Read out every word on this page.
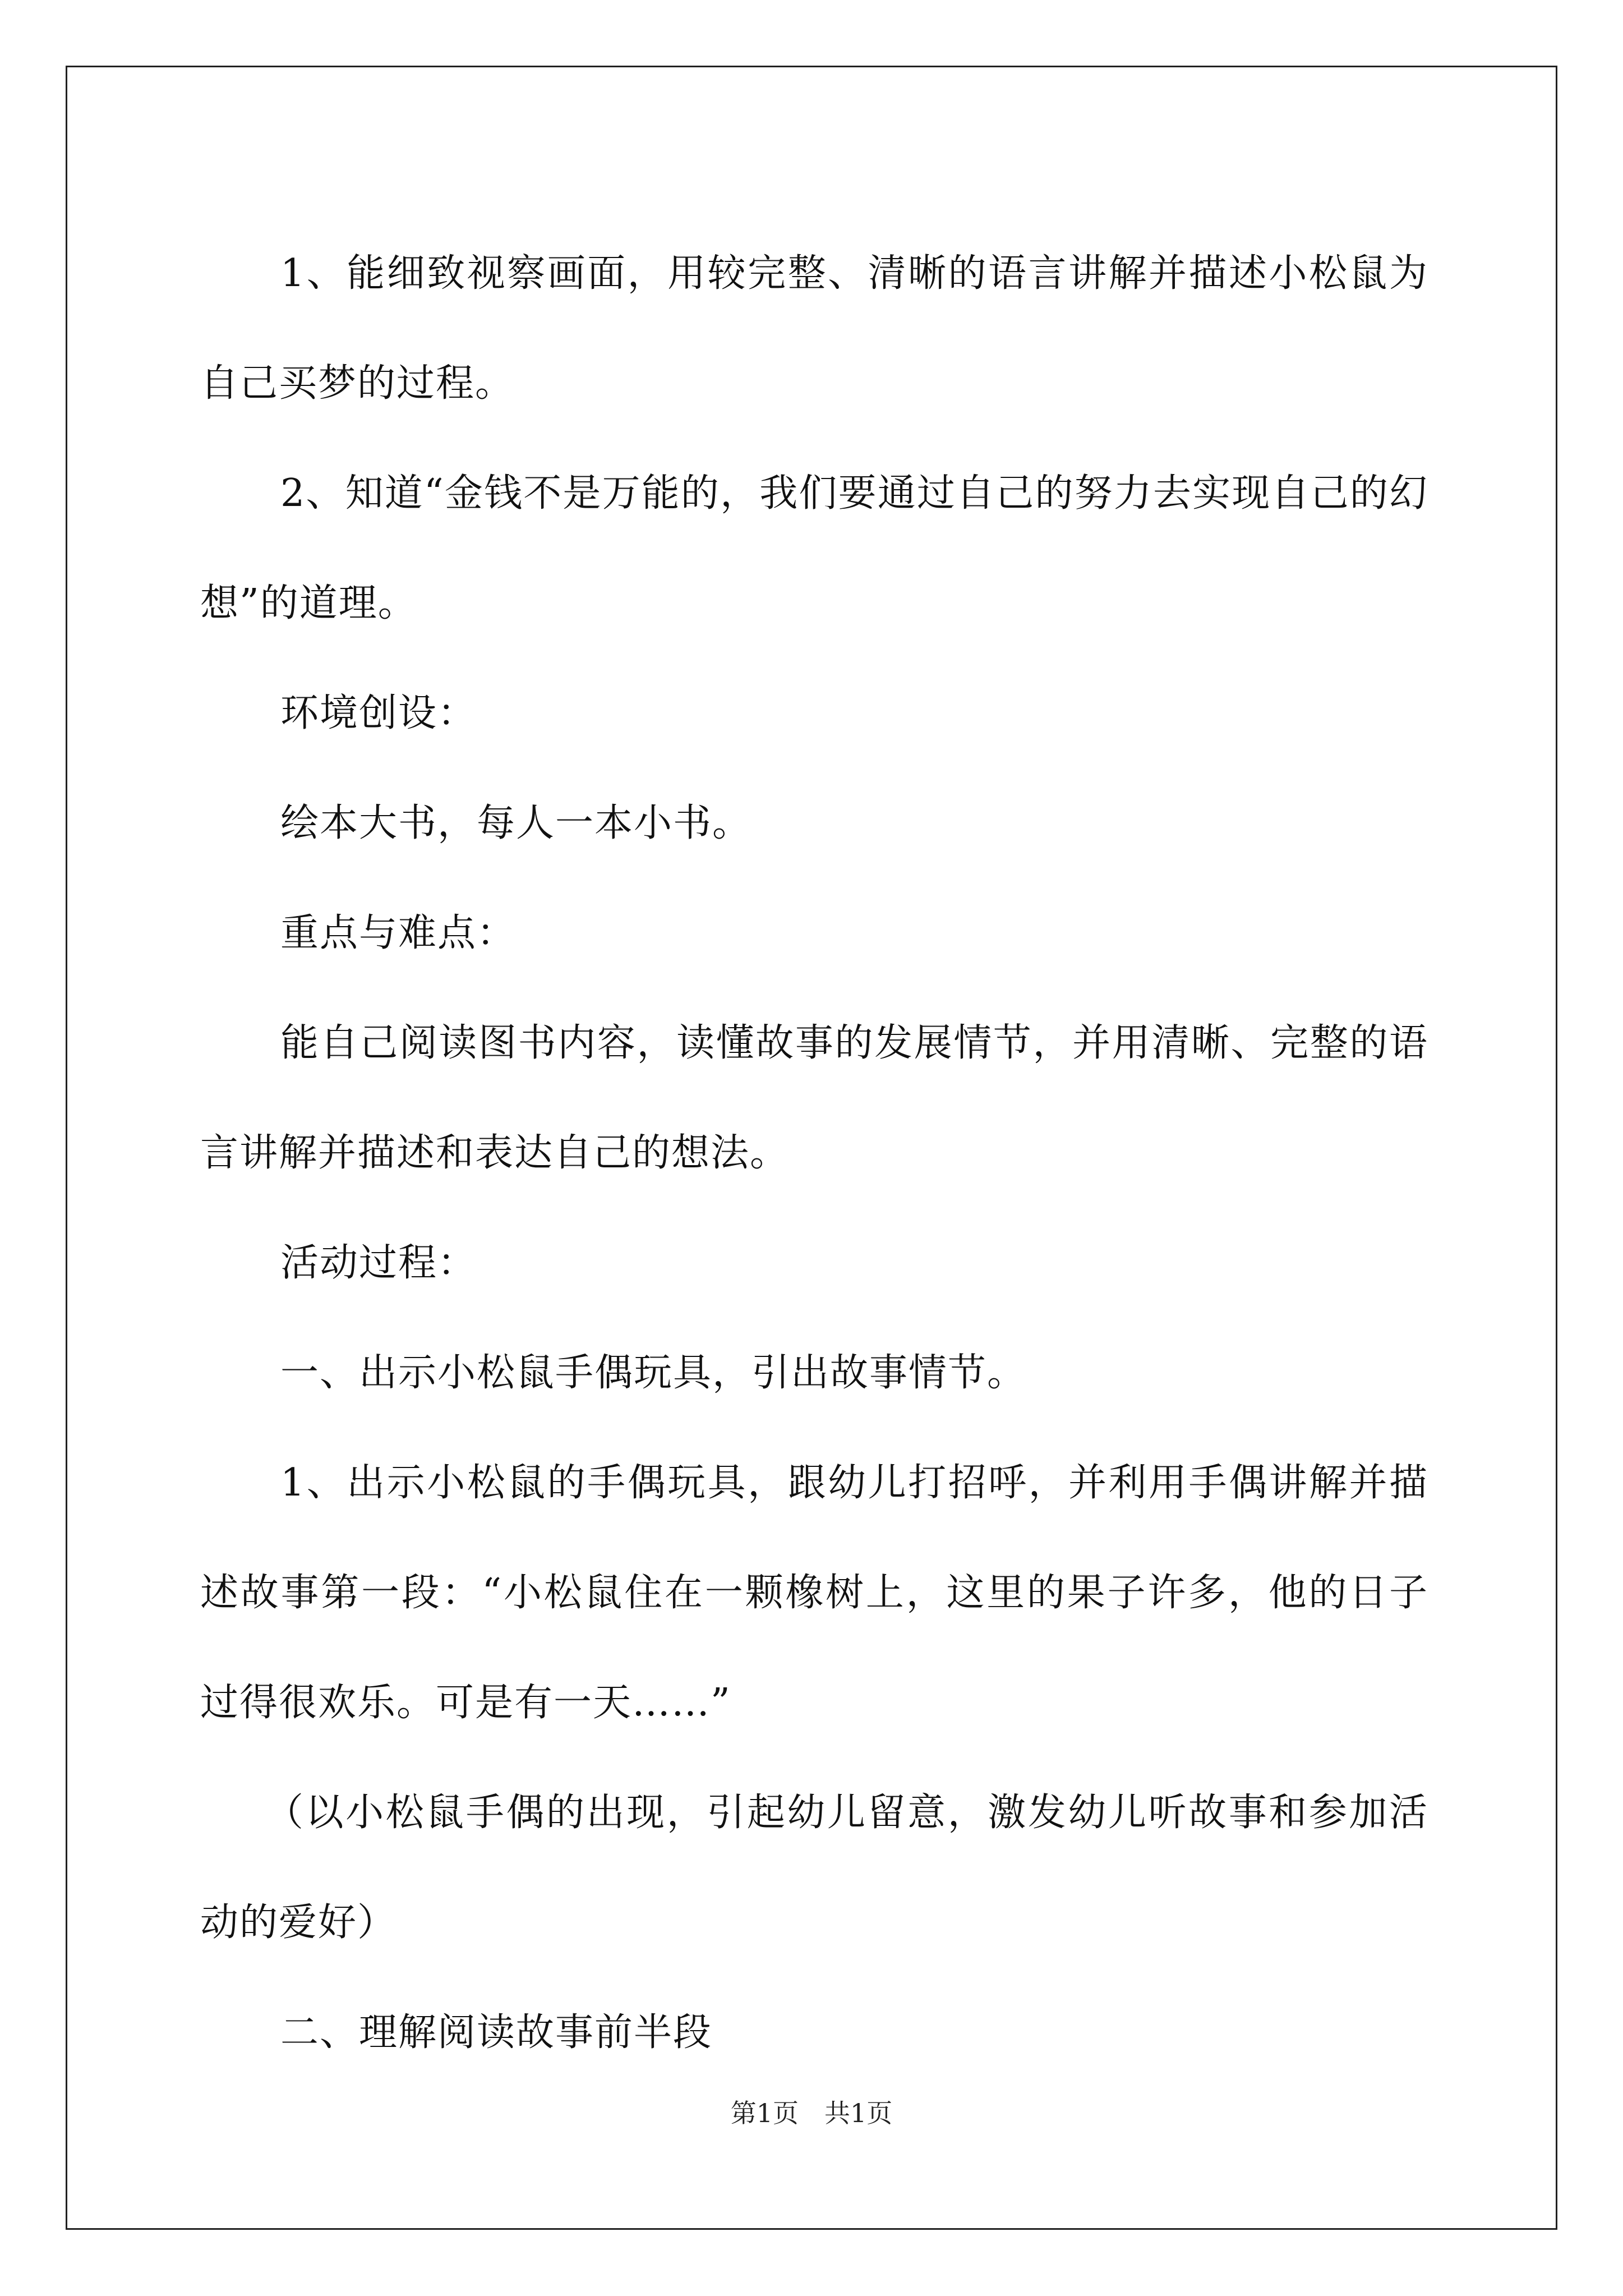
1、能细致视察画面，用较完整、清晰的语言讲解并描述小松鼠为自己买梦的过程。

2、知道“金钱不是万能的，我们要通过自己的努力去实现自己的幻想”的道理。

环境创设：

绘本大书，每人一本小书。

重点与难点：

能自己阅读图书内容，读懂故事的发展情节，并用清晰、完整的语言讲解并描述和表达自己的想法。

活动过程：

一、出示小松鼠手偶玩具，引出故事情节。

1、出示小松鼠的手偶玩具，跟幼儿打招呼，并利用手偶讲解并描述故事第一段：“小松鼠住在一颗橡树上，这里的果子许多，他的日子过得很欢乐。可是有一天……”

（以小松鼠手偶的出现，引起幼儿留意，激发幼儿听故事和参加活动的爱好）

二、理解阅读故事前半段

第1页　共1页
